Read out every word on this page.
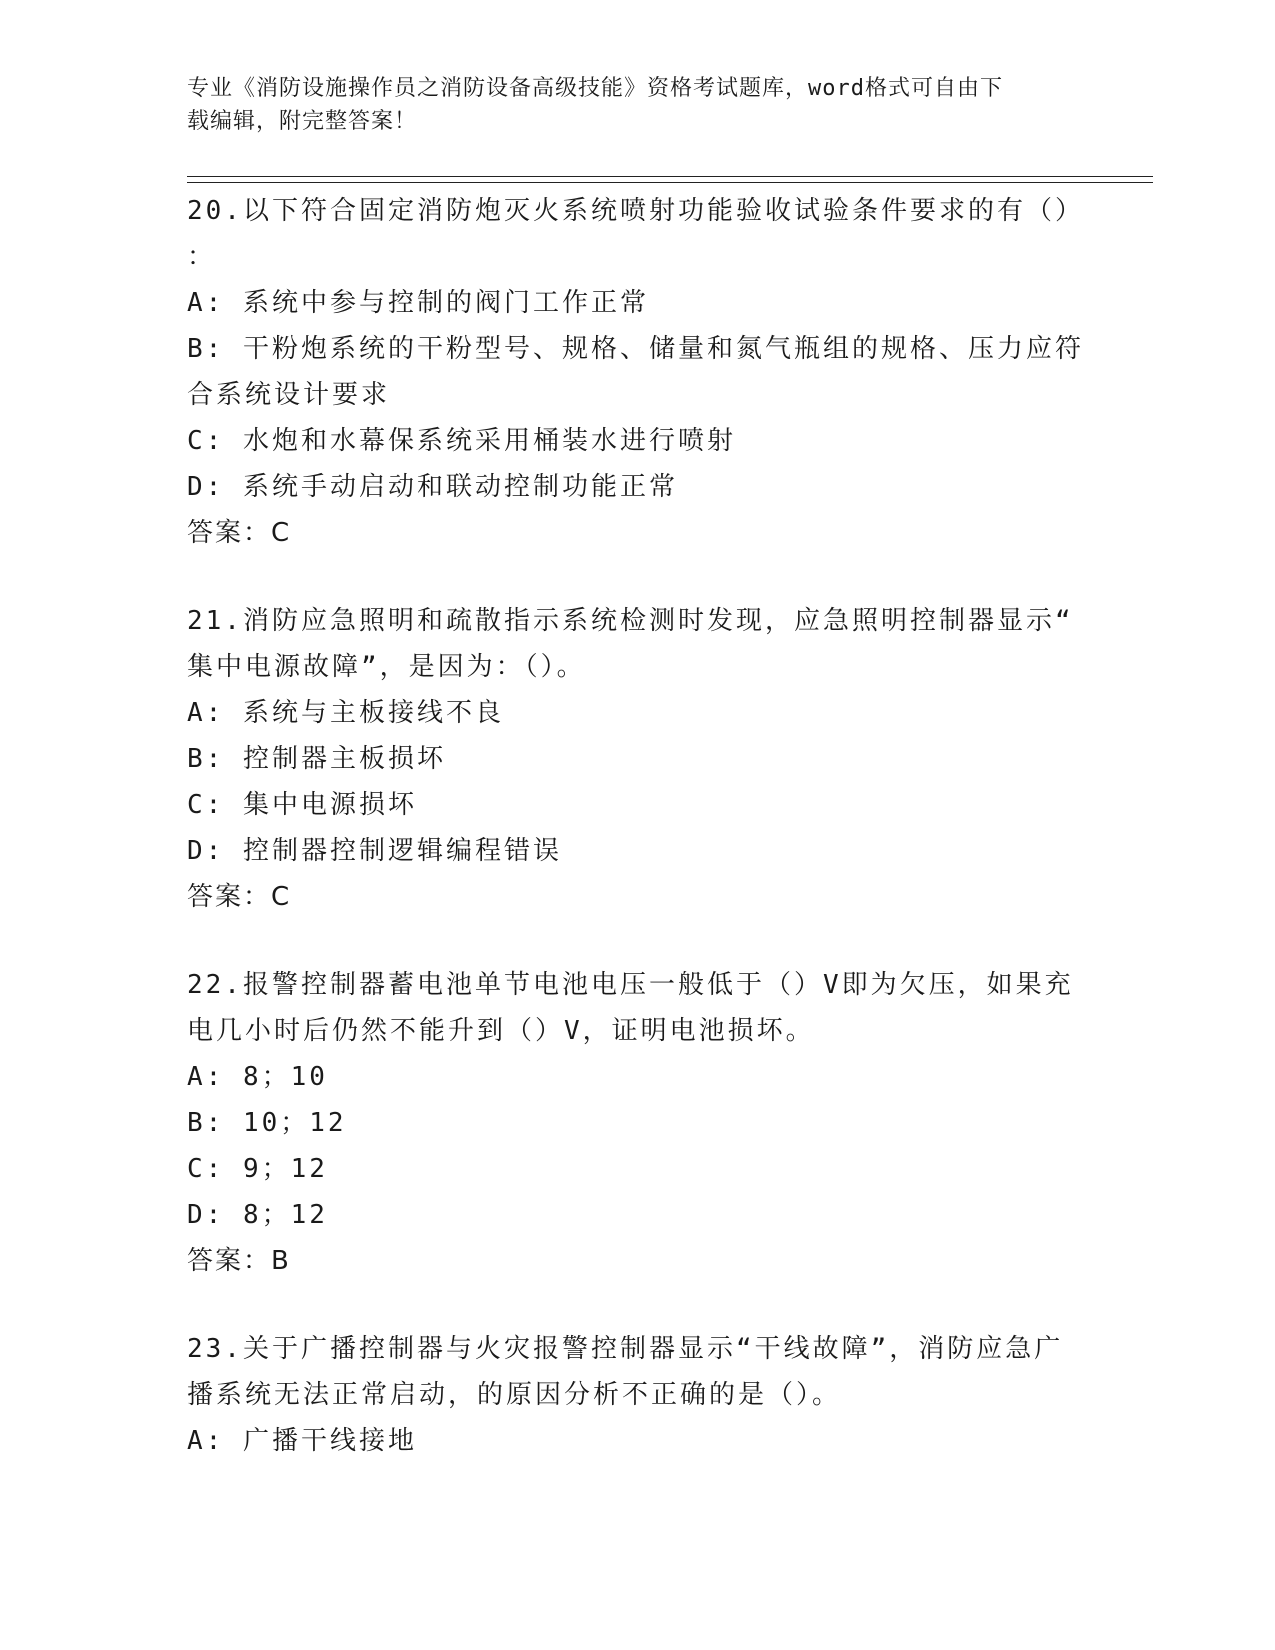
专业《消防设施操作员之消防设备高级技能》资格考试题库，word格式可自由下
载编辑，附完整答案！
20.以下符合固定消防炮灭火系统喷射功能验收试验条件要求的有（）
：
A: 系统中参与控制的阀门工作正常
B: 干粉炮系统的干粉型号、规格、储量和氮气瓶组的规格、压力应符
合系统设计要求
C: 水炮和水幕保系统采用桶装水进行喷射
D: 系统手动启动和联动控制功能正常
答案：C
21.消防应急照明和疏散指示系统检测时发现，应急照明控制器显示“
集中电源故障”，是因为：（）。
A: 系统与主板接线不良
B: 控制器主板损坏
C: 集中电源损坏
D: 控制器控制逻辑编程错误
答案：C
22.报警控制器蓄电池单节电池电压一般低于（）V即为欠压，如果充
电几小时后仍然不能升到（）V，证明电池损坏。
A: 8；10
B: 10；12
C: 9；12
D: 8；12
答案：B
23.关于广播控制器与火灾报警控制器显示“干线故障”，消防应急广
播系统无法正常启动，的原因分析不正确的是（）。
A: 广播干线接地
